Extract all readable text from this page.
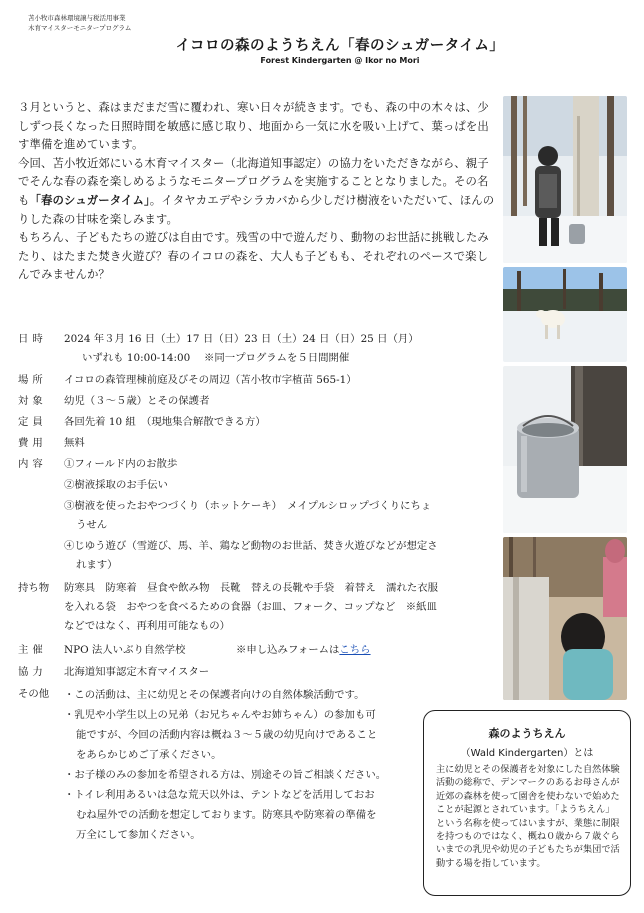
苫小牧市森林環境譲与税活用事業
木育マイスターモニタープログラム
イコロの森のようちえん「春のシュガータイム」
Forest Kindergarten @ Ikor no Mori

３月というと、森はまだまだ雪に覆われ、寒い日々が続きます。でも、森の中の木々は、少しずつ長くなった日照時間を敏感に感じ取り、地面から一気に水を吸い上げて、葉っぱを出す準備を進めています。

今回、苫小牧近郊にいる木育マイスター（北海道知事認定）の協力をいただきながら、親子でそんな春の森を楽しめるようなモニタープログラムを実施することとなりました。その名も「春のシュガータイム」。イタヤカエデやシラカバから少しだけ樹液をいただいて、ほんのりした森の甘味を楽しみます。

もちろん、子どもたちの遊びは自由です。残雪の中で遊んだり、動物のお世話に挑戦したみたり、はたまた焚き火遊び？春のイコロの森を、大人も子どもも、それぞれのペースで楽しんでみませんか？

日時	2024 年３月 16 日（土）17 日（日）23 日（土）24 日（日）25 日（月）
いずれも 10:00-14:00　 ※同一プログラムを５日間開催
場所	イコロの森管理棟前庭及びその周辺（苫小牧市字植苗 565-1）
対象	幼児（３～５歳）とその保護者
定員	各回先着 10 組　（現地集合解散できる方）
費用	無料
内容	①フィールド内のお散歩
②樹液採取のお手伝い
③樹液を使ったおやつづくり（ホットケーキ）　メイプルシロップづくりにちょ
うせん
④じゆう遊び（雪遊び、馬、羊、鶏など動物のお世話、焚き火遊びなどが想定さ
れます）
持ち物	防寒具　防寒着　昼食や飲み物　長靴　替えの長靴や手袋　着替え　濡れた衣服
を入れる袋　おやつを食べるための食器（お皿、フォーク、コップなど　※紙皿
などではなく、再利用可能なもの）
主催	NPO 法人いぶり自然学校	※申し込みフォームはこちら
協力	北海道知事認定木育マイスター
その他	・この活動は、主に幼児とその保護者向けの自然体験活動です。
・乳児や小学生以上の兄弟（お兄ちゃんやお姉ちゃん）の参加も可
能ですが、今回の活動内容は概ね３～５歳の幼児向けであること
をあらかじめご了承ください。
・お子様のみの参加を希望される方は、別途その旨ご相談ください。
・トイレ利用あるいは急な荒天以外は、テントなどを活用しておお
むね屋外での活動を想定しております。防寒具や防寒着の準備を
万全にして参加ください。
森のようちえん
（Wald Kindergarten）とは
主に幼児とその保護者を対象にした自然体験活動の総称で、デンマークのあるお母さんが近郊の森林を使って園舎を使わないで始めたことが起源とされています。「ようちえん」という名称を使ってはいますが、業態に制限を持つものではなく、概ね０歳から７歳ぐらいまでの乳児や幼児の子どもたちが集団で活動する場を指しています。
